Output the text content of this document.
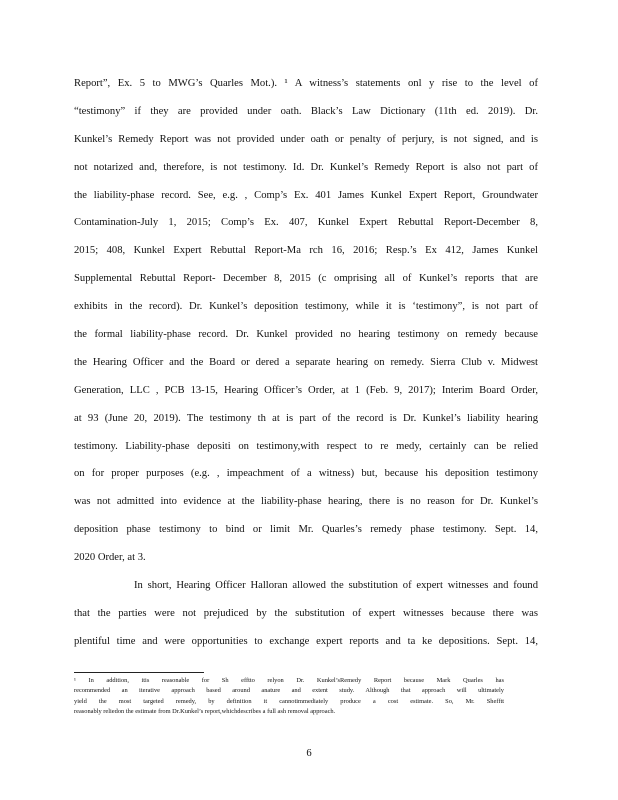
Report”, Ex. 5 to MWG’s Quarles Mot.). ¹ A witness’s statements onl y rise to the level of
“testimony” if they are provided under oath. Black’s Law Dictionary (11th ed. 2019). Dr.
Kunkel’s Remedy Report was not provided under oath or penalty of perjury, is not signed, and is
not notarized and, therefore, is not testimony. Id. Dr. Kunkel’s Remedy Report is also not part of
the liability-phase record. See, e.g. , Comp’s Ex. 401 James Kunkel Expert Report, Groundwater
Contamination-July 1, 2015; Comp’s Ex. 407, Kunkel Expert Rebuttal Report-December 8,
2015; 408, Kunkel Expert Rebuttal Report-Ma rch 16, 2016; Resp.’s Ex 412, James Kunkel
Supplemental Rebuttal Report- December 8, 2015 (c omprising all of Kunkel’s reports that are
exhibits in the record). Dr. Kunkel’s deposition testimony, while it is ‘testimony”, is not part of
the formal liability-phase record. Dr. Kunkel provided no hearing testimony on remedy because
the Hearing Officer and the Board or dered a separate hearing on remedy. Sierra Club v. Midwest
Generation, LLC , PCB 13-15, Hearing Officer’s Order, at 1 (Feb. 9, 2017); Interim Board Order,
at 93 (June 20, 2019). The testimony th at is part of the record is Dr. Kunkel’s liability hearing
testimony. Liability-phase depositi on testimony,with respect to re medy, certainly can be relied
on for proper purposes (e.g. , impeachment of a witness) but, because his deposition testimony
was not admitted into evidence at the liability-phase hearing, there is no reason for Dr. Kunkel’s
deposition phase testimony to bind or limit Mr. Quarles’s remedy phase testimony. Sept. 14,
2020 Order, at 3.
In short, Hearing Officer Halloran allowed the substitution of expert witnesses and found
that the parties were not prejudiced by the substitution of expert witnesses because there was
plentiful time and were opportunities to exchange expert reports and ta ke depositions. Sept. 14,
¹ In addition, itis reasonable for Sh efftto relyon Dr. Kunkel’sRemedy Report because Mark Quarles has
recommended an iterative approach based around anature and extent study. Although that approach will ultimately
yield the most targeted remedy, by definition it cannotimmediately produce a cost estimate. So, Mr. Shefftt
reasonably reliedon the estimate from Dr.Kunkel’s report,whichdescribes a full ash removal approach.
6
